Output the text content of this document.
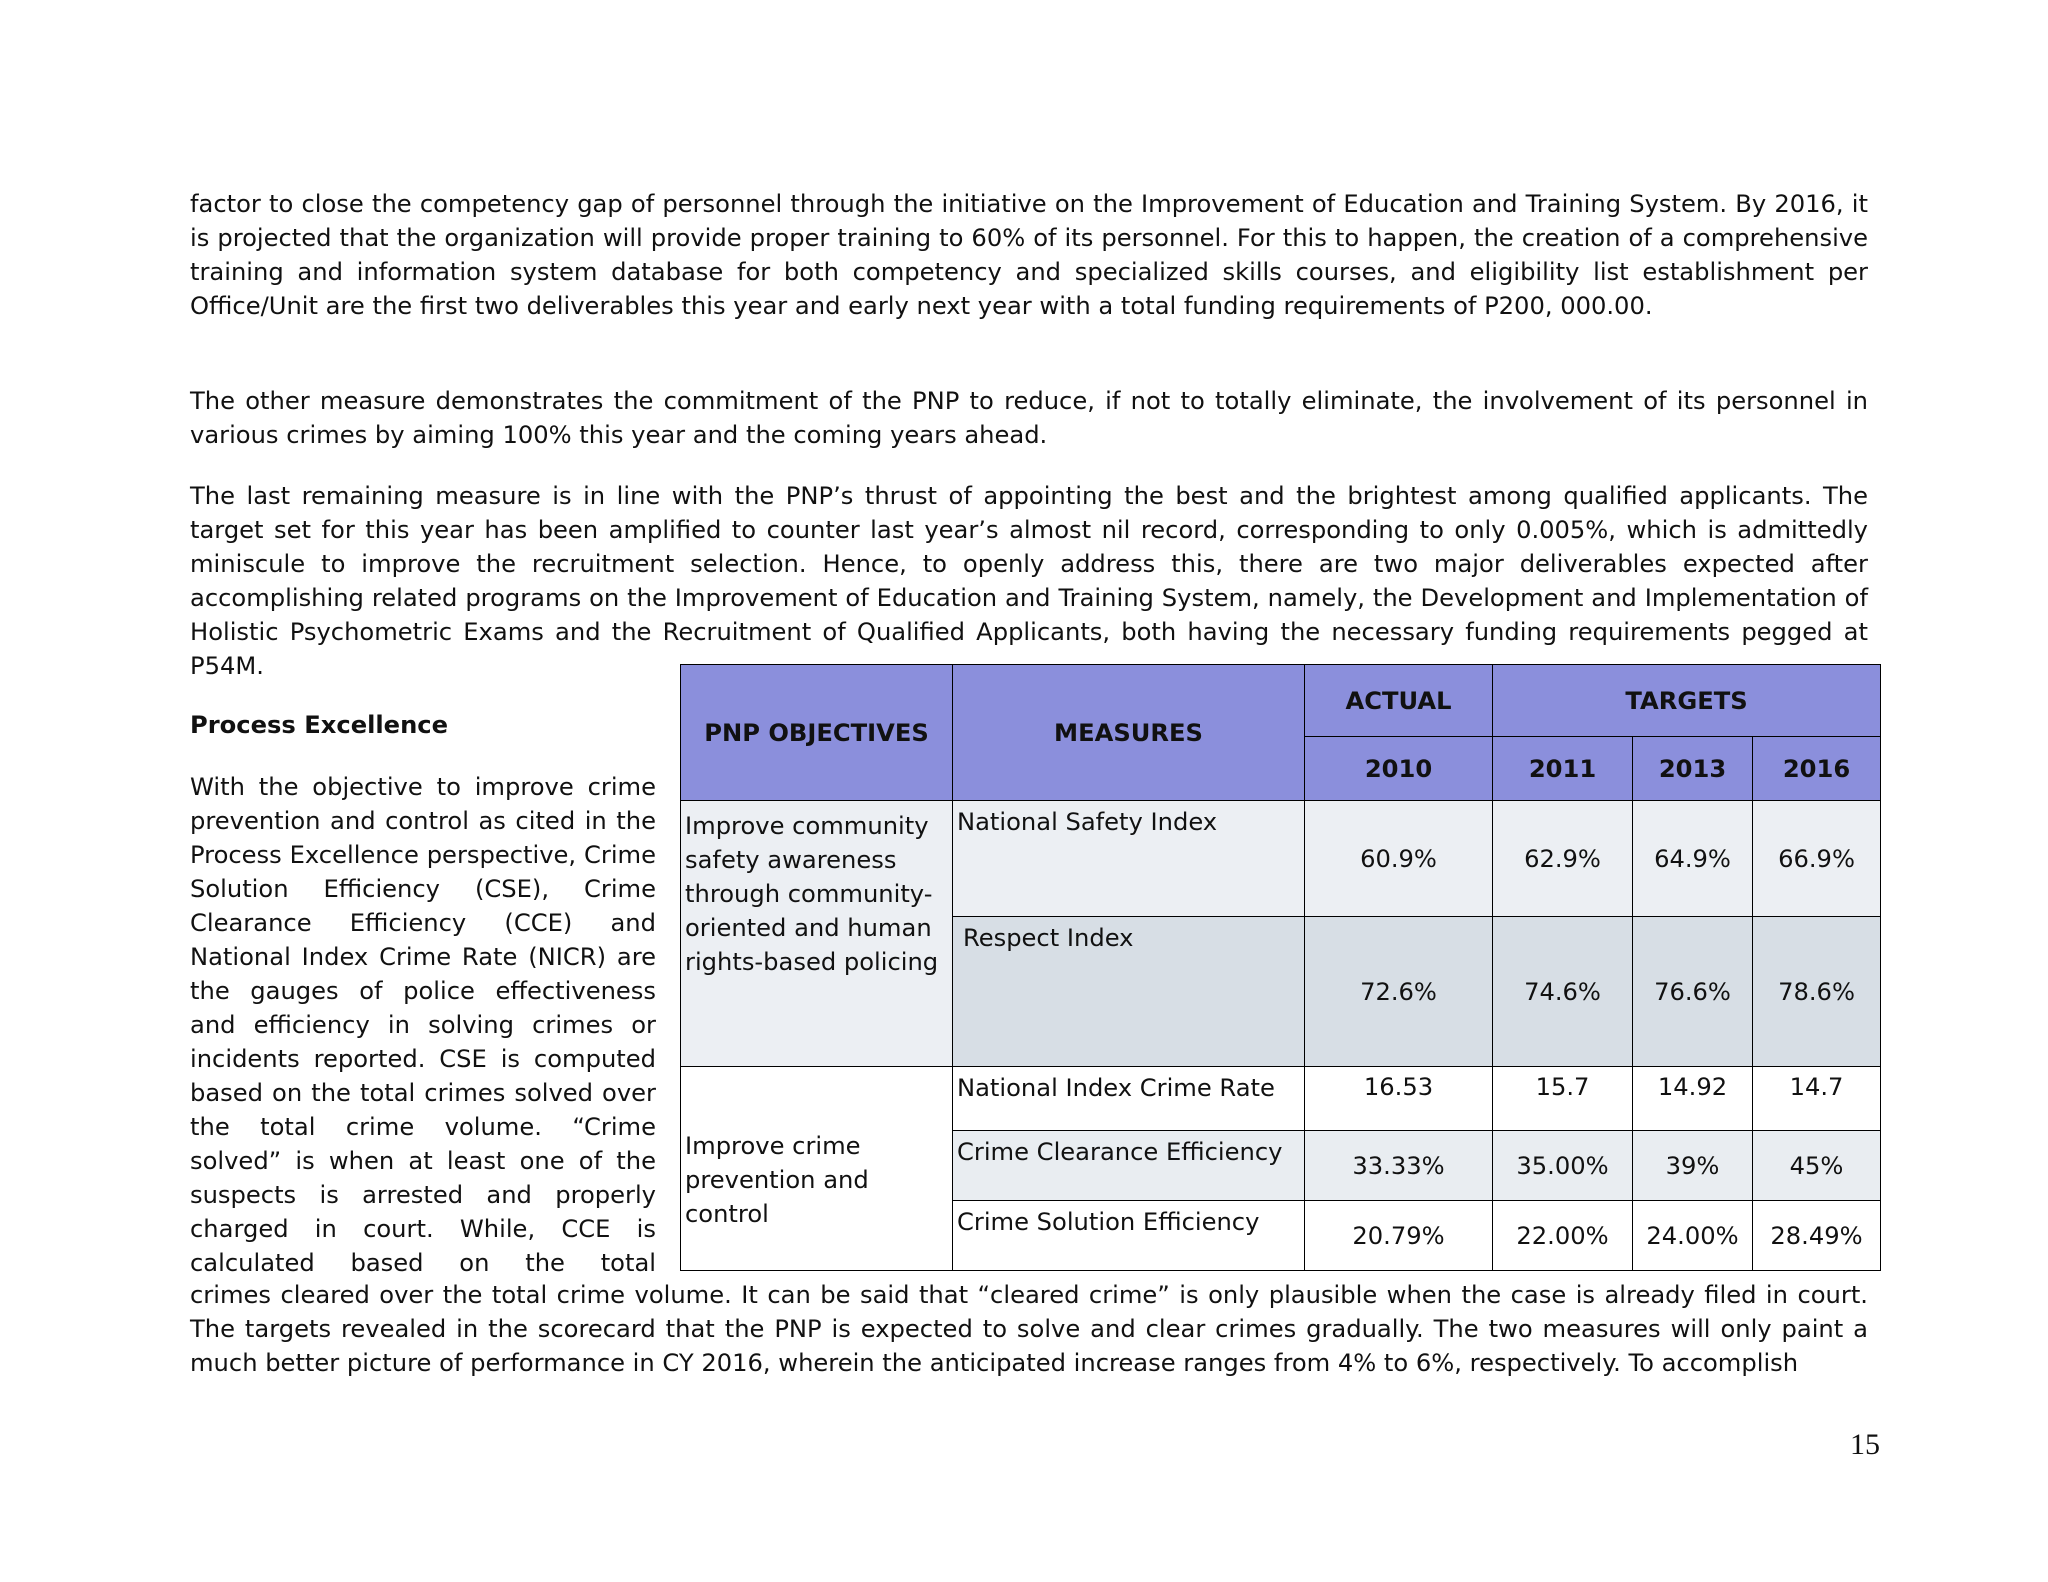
factor to close the competency gap of personnel through the initiative on the Improvement of Education and Training System. By 2016, it is projected that the organization will provide proper training to 60% of its personnel. For this to happen, the creation of a comprehensive training and information system database for both competency and specialized skills courses, and eligibility list establishment per Office/Unit are the first two deliverables this year and early next year with a total funding requirements of P200, 000.00.

The other measure demonstrates the commitment of the PNP to reduce, if not to totally eliminate, the involvement of its personnel in various crimes by aiming 100% this year and the coming years ahead.

The last remaining measure is in line with the PNP’s thrust of appointing the best and the brightest among qualified applicants. The target set for this year has been amplified to counter last year’s almost nil record, corresponding to only 0.005%, which is admittedly miniscule to improve the recruitment selection. Hence, to openly address this, there are two major deliverables expected after accomplishing related programs on the Improvement of Education and Training System, namely, the Development and Implementation of Holistic Psychometric Exams and the Recruitment of Qualified Applicants, both having the necessary funding requirements pegged at P54M.

Process Excellence

With the objective to improve crime prevention and control as cited in the Process Excellence perspective, Crime Solution Efficiency (CSE), Crime Clearance Efficiency (CCE) and National Index Crime Rate (NICR) are the gauges of police effectiveness and efficiency in solving crimes or incidents reported. CSE is computed based on the total crimes solved over the total crime volume. “Crime solved” is when at least one of the suspects is arrested and properly charged in court. While, CCE is calculated based on the total

PNP OBJECTIVES	MEASURES	ACTUAL	TARGETS		
		2010	2011	2013	2016
Improve community safety awareness through community-oriented and human rights-based policing	National Safety Index	60.9%	62.9%	64.9%	66.9%
	Respect Index	72.6%	74.6%	76.6%	78.6%
Improve crime prevention and control	National Index Crime Rate	16.53	15.7	14.92	14.7
	Crime Clearance Efficiency	33.33%	35.00%	39%	45%
	Crime Solution Efficiency	20.79%	22.00%	24.00%	28.49%

crimes cleared over the total crime volume. It can be said that “cleared crime” is only plausible when the case is already filed in court. The targets revealed in the scorecard that the PNP is expected to solve and clear crimes gradually. The two measures will only paint a much better picture of performance in CY 2016, wherein the anticipated increase ranges from 4% to 6%, respectively. To accomplish

15
